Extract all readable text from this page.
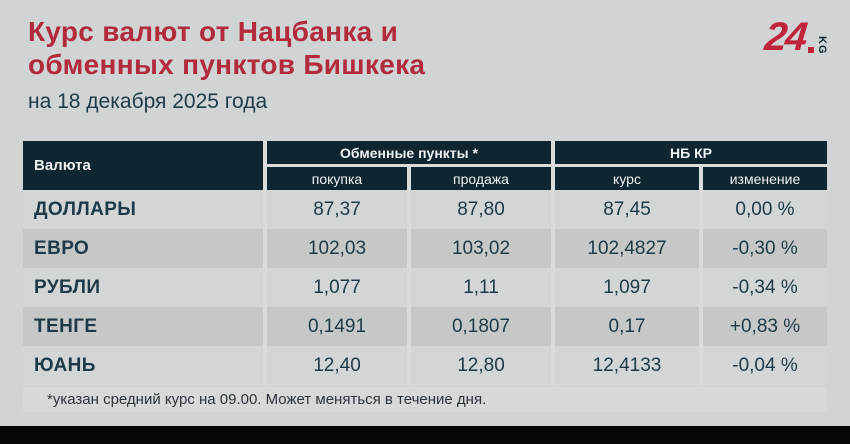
Курс валют от Нацбанка и
обменных пунктов Бишкека
на 18 декабря 2025 года
24 KG
Валюта
Обменные пункты *	НБ КР
покупка	продажа	курс	изменение
ДОЛЛАРЫ	87,37	87,80	87,45	0,00 %
ЕВРО	102,03	103,02	102,4827	-0,30 %
РУБЛИ	1,077	1,11	1,097	-0,34 %
ТЕНГЕ	0,1491	0,1807	0,17	+0,83 %
ЮАНЬ	12,40	12,80	12,4133	-0,04 %
*указан средний курс на 09.00. Может меняться в течение дня.
